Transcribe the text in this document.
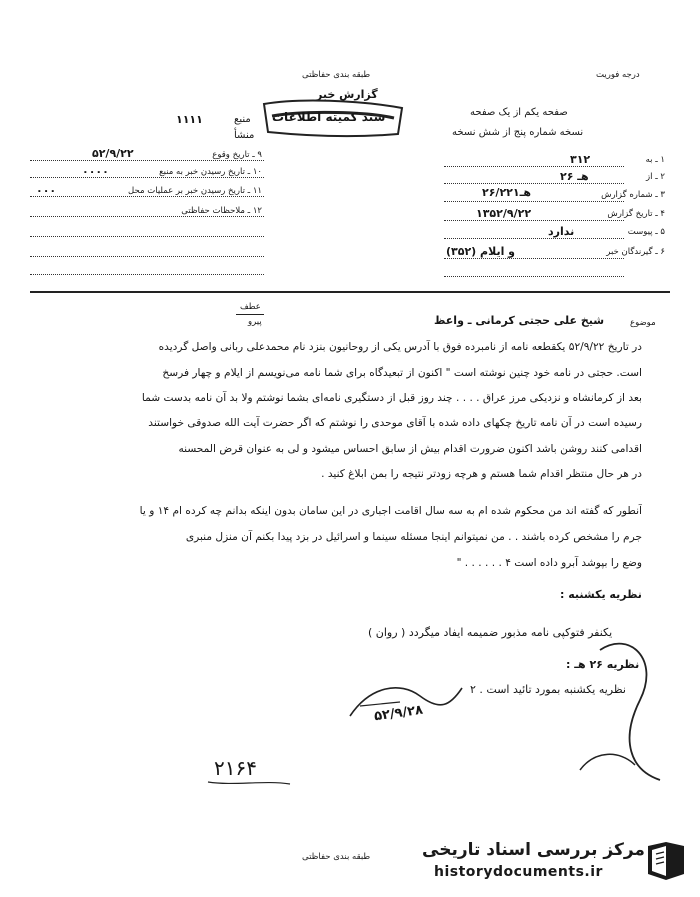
طبقه بندی حفاظتی	درجه فوریت
گزارش خبر
صفحه یکم از یک صفحه
نسخه شماره پنج از شش نسخه
سند کمیته اطلاعات
منبع
۱۱۱۱
منشأ
۹ ـ تاریخ وقوع
۵۲/۹/۲۲
۱۰ ـ تاریخ رسیدن خبر به منبع
۰۰۰۰
۱۱ ـ تاریخ رسیدن خبر بر عملیات محل
۰۰۰
۱۲ ـ ملاحظات حفاظتی
۱ ـ به
۳۱۲
۲ ـ از
۲۶ هـ
۳ ـ شماره گزارش
۲۶/۲۲۱هـ
۴ ـ تاریخ گزارش
۱۳۵۲/۹/۲۲
۵ ـ پیوست
ندارد
۶ ـ گیرندگان خبر
(۳۵۲) و ایلام
عطف
پیرو	موضوع
شیخ علی حجتی کرمانی ـ واعظ
در تاریخ ۵۲/۹/۲۲ یکقطعه نامه از نامبرده فوق با آدرس یکی از روحانیون بنزد نام محمدعلی ربانی واصل گردیده
است. حجتی در نامه خود چنین نوشته است " اکنون از تبعیدگاه برای شما نامه می‌نویسم از ایلام و چهار فرسخ
بعد از کرمانشاه و نزدیکی مرز عراق . . . . چند روز قبل از دستگیری نامه‌ای بشما نوشتم ولا بد آن نامه بدست شما
رسیده است در آن نامه تاریخ چکهای داده شده با آقای موحدی را نوشتم که اگر حضرت آیت الله صدوقی خواستند
اقدامی کنند روشن باشد اکنون ضرورت اقدام بیش از سابق احساس میشود و لی به عنوان قرض المحسنه
در هر حال منتظر اقدام شما هستم و هرچه زودتر نتیجه را بمن ابلاغ کنید .
آنطور که گفته اند من محکوم شده ام به سه سال اقامت اجباری در این سامان بدون اینکه بدانم چه کرده ام ۱۴ و یا
جرم را مشخص کرده باشند . . من نمیتوانم اینجا مسئله سینما و اسرائیل در بزد پیدا بکنم آن منزل منبری
وضع را بپوشد آبرو داده است ۴ . . . . . . "
نظریه یکشنبه :
یکنفر فتوکپی نامه مذبور ضمیمه ایفاد میگردد ( روان )
نظریه ۲۶ هـ :
نظریه یکشنبه بمورد تائید است . ۲
۵۲/۹/۲۸
۲۱۶۴
طبقه بندی حفاظتی	مرکز بررسی اسناد تاریخی
historydocuments.ir
